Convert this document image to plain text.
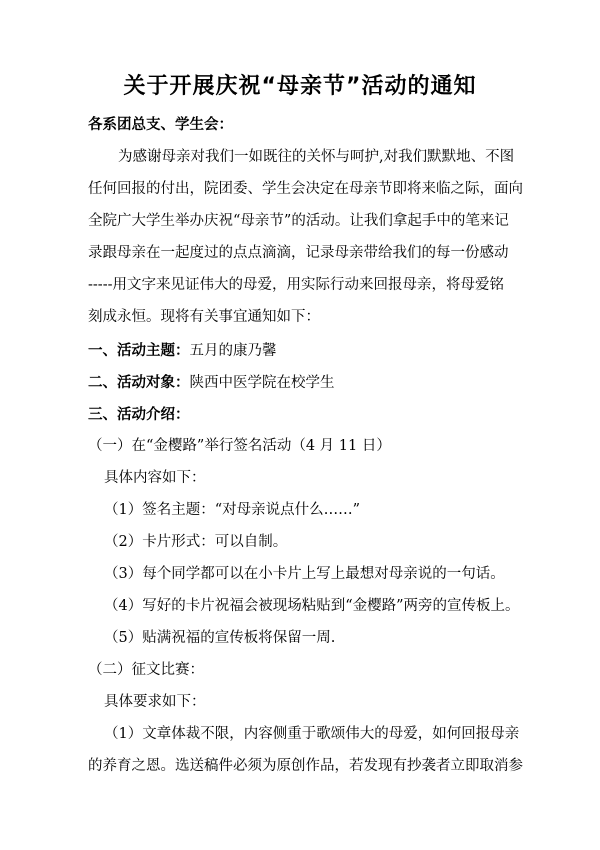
关于开展庆祝“母亲节”活动的通知
各系团总支、学生会：
为感谢母亲对我们一如既往的关怀与呵护,对我们默默地、不图
任何回报的付出，院团委、学生会决定在母亲节即将来临之际，面向
全院广大学生举办庆祝“母亲节”的活动。让我们拿起手中的笔来记
录跟母亲在一起度过的点点滴滴，记录母亲带给我们的每一份感动
-----用文字来见证伟大的母爱，用实际行动来回报母亲，将母爱铭
刻成永恒。现将有关事宜通知如下：
一、活动主题：五月的康乃馨
二、活动对象：陕西中医学院在校学生
三、活动介绍：
（一）在“金樱路”举行签名活动（4 月 11 日）
具体内容如下：
（1）签名主题：“对母亲说点什么……”
（2）卡片形式：可以自制。
（3）每个同学都可以在小卡片上写上最想对母亲说的一句话。
（4）写好的卡片祝福会被现场粘贴到“金樱路”两旁的宣传板上。
（5）贴满祝福的宣传板将保留一周.
（二）征文比赛：
具体要求如下：
（1）文章体裁不限，内容侧重于歌颂伟大的母爱，如何回报母亲
的养育之恩。选送稿件必须为原创作品，若发现有抄袭者立即取消参
